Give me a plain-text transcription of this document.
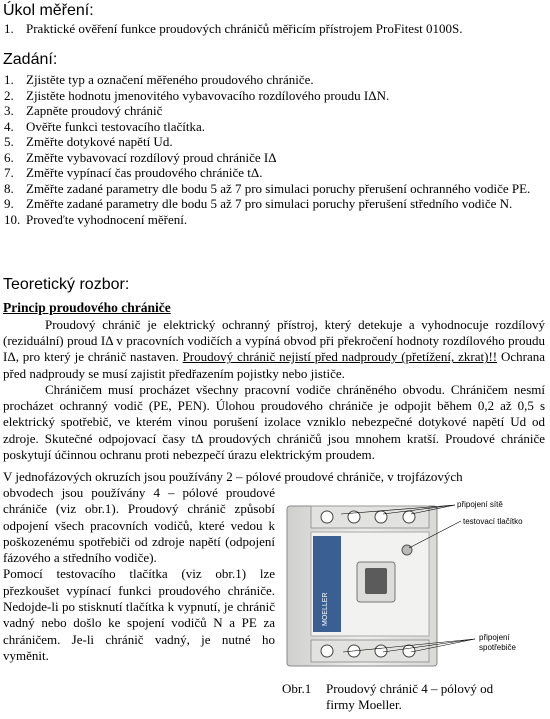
Úkol měření:
1. Praktické ověření funkce proudových chráničů měřicím přístrojem ProFitest 0100S.
Zadání:
1. Zjistěte typ a označení měřeného proudového chrániče.
2. Zjistěte hodnotu jmenovitého vybavovacího rozdílového proudu IΔN.
3. Zapněte proudový chránič
4. Ověřte funkci testovacího tlačítka.
5. Změřte dotykové napětí Ud.
6. Změřte vybavovací rozdílový proud chrániče IΔ
7. Změřte vypínací čas proudového chrániče tΔ.
8. Změřte zadané parametry dle bodu 5 až 7 pro simulaci poruchy přerušení ochranného vodiče PE.
9. Změřte zadané parametry dle bodu 5 až 7 pro simulaci poruchy přerušení středního vodiče N.
10. Proveďte vyhodnocení měření.
Teoretický rozbor:
Princip proudového chrániče
Proudový chránič je elektrický ochranný přístroj, který detekuje a vyhodnocuje rozdílový (reziduální) proud IΔ v pracovních vodičích a vypíná obvod při překročení hodnoty rozdílového proudu IΔ, pro který je chránič nastaven. Proudový chránič nejistí před nadproudy (přetížení, zkrat)!! Ochrana před nadproudy se musí zajistit předřazením pojistky nebo jističe.
Chráničem musí procházet všechny pracovní vodiče chráněného obvodu. Chráničem nesmí procházet ochranný vodič (PE, PEN). Úlohou proudového chrániče je odpojit během 0,2 až 0,5 s elektrický spotřebič, ve kterém vinou porušení izolace vzniklo nebezpečné dotykové napětí Ud od zdroje. Skutečné odpojovací časy tΔ proudových chráničů jsou mnohem kratší. Proudové chrániče poskytují účinnou ochranu proti nebezpečí úrazu elektrickým proudem.
V jednofázových okruzích jsou používány 2 – pólové proudové chrániče, v trojfázových
obvodech jsou používány 4 – pólové proudové chrániče (viz obr.1). Proudový chránič způsobí odpojení všech pracovních vodičů, které vedou k poškozenému spotřebiči od zdroje napětí (odpojení fázového a středního vodiče).
Pomocí testovacího tlačítka (viz obr.1) lze přezkoušet vypínací funkci proudového chrániče. Nedojde-li po stisknutí tlačítka k vypnutí, je chránič vadný nebo došlo ke spojení vodičů N a PE za chráničem. Je-li chránič vadný, je nutné ho vyměnit.
MOELLER
připojení sítě
testovací tlačítko
připojení
spotřebiče
Obr.1 Proudový chránič 4 – pólový od
firmy Moeller.
